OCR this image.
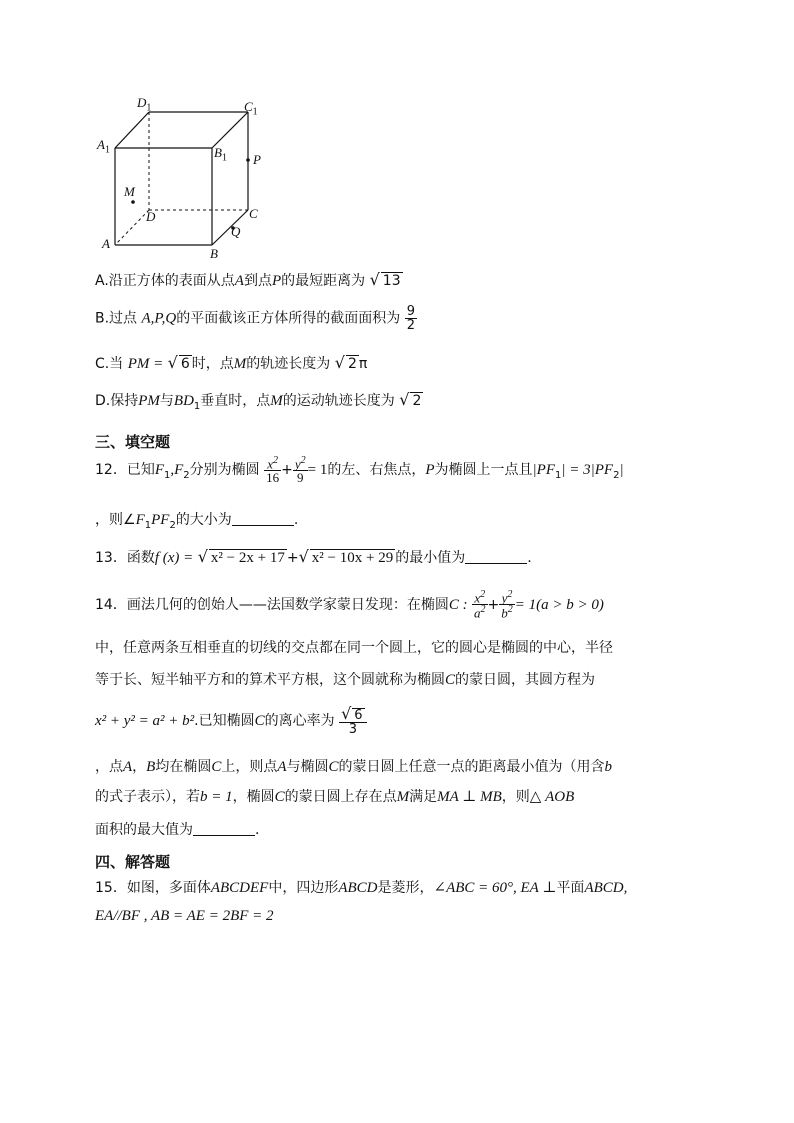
$D_1$	$C_1$
$A_1$	$B_1$ P
M
D	C
A
Q
B
A.沿正方体的表面从点A到点P的最短距离为 √ 13
B.过点 A,P,Q的平面截该正方体所得的截面面积为 $\frac{9}{2}$
C.当 PM = √ 6 时，点M的轨迹长度为 √ 2 π
D.保持PM与$BD_1$垂直时，点M的运动轨迹长度为 √ 2
三、填空题
12．已知$F_1,F_2$分别为椭圆 $\frac{x^2}{16} + \frac{y^2}{9} = 1$的左、右焦点，P为椭圆上一点且$|PF_1| = 3|PF_2|$
，则$\angle F_1PF_2$的大小为	.
13．函数f (x) = √ x² − 2x + 17 +√ x² − 10x + 29 的最小值为	.
14．画法几何的创始人——法国数学家蒙日发现：在椭圆C : $\frac{x^2}{a^2} + \frac{y^2}{b^2} = 1(a > b > 0)$
中，任意两条互相垂直的切线的交点都在同一个圆上，它的圆心是椭圆的中心，半径
等于长、短半轴平方和的算术平方根，这个圆就称为椭圆C的蒙日圆，其圆方程为
x² + y² = a² + b².已知椭圆C的离心率为 $\frac{√ 6}{3}$
，点A，B均在椭圆C上，则点A与椭圆C的蒙日圆上任意一点的距离最小值为（用含b
的式子表示），若b = 1，椭圆C的蒙日圆上存在点M满足MA ⊥ MB，则△ AOB
面积的最大值为	.
四、解答题
15．如图，多面体ABCDEF中，四边形ABCD是菱形，∠ABC = 60°, EA ⊥平面ABCD,
EA//BF , AB = AE = 2BF = 2
